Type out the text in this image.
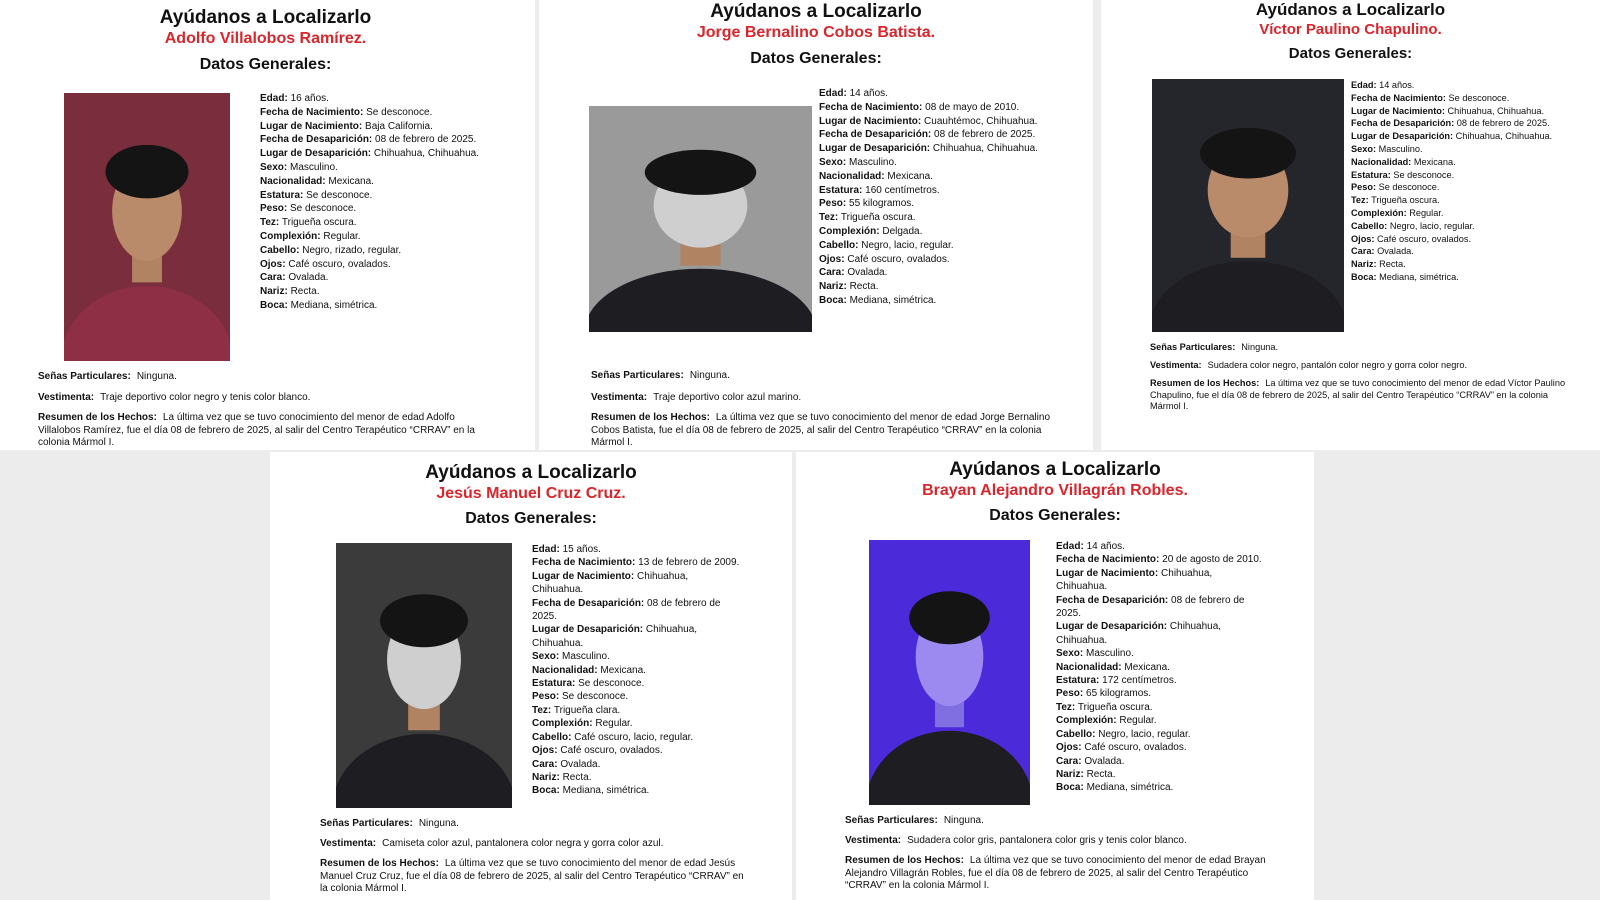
Ayúdanos a Localizarlo
Adolfo Villalobos Ramírez.
Datos Generales:
Edad: 16 años.
Fecha de Nacimiento: Se desconoce.
Lugar de Nacimiento: Baja California.
Fecha de Desaparición: 08 de febrero de 2025.
Lugar de Desaparición: Chihuahua, Chihuahua.
Sexo: Masculino.
Nacionalidad: Mexicana.
Estatura: Se desconoce.
Peso: Se desconoce.
Tez: Trigueña oscura.
Complexión: Regular.
Cabello: Negro, rizado, regular.
Ojos: Café oscuro, ovalados.
Cara: Ovalada.
Nariz: Recta.
Boca: Mediana, simétrica.
Señas Particulares: Ninguna.
Vestimenta: Traje deportivo color negro y tenis color blanco.
Resumen de los Hechos: La última vez que se tuvo conocimiento del menor de edad Adolfo Villalobos Ramírez, fue el día 08 de febrero de 2025, al salir del Centro Terapéutico “CRRAV” en la colonia Mármol I.
Ayúdanos a Localizarlo
Jorge Bernalino Cobos Batista.
Datos Generales:
Edad: 14 años.
Fecha de Nacimiento: 08 de mayo de 2010.
Lugar de Nacimiento: Cuauhtémoc, Chihuahua.
Fecha de Desaparición: 08 de febrero de 2025.
Lugar de Desaparición: Chihuahua, Chihuahua.
Sexo: Masculino.
Nacionalidad: Mexicana.
Estatura: 160 centímetros.
Peso: 55 kilogramos.
Tez: Trigueña oscura.
Complexión: Delgada.
Cabello: Negro, lacio, regular.
Ojos: Café oscuro, ovalados.
Cara: Ovalada.
Nariz: Recta.
Boca: Mediana, simétrica.
Señas Particulares: Ninguna.
Vestimenta: Traje deportivo color azul marino.
Resumen de los Hechos: La última vez que se tuvo conocimiento del menor de edad Jorge Bernalino Cobos Batista, fue el día 08 de febrero de 2025, al salir del Centro Terapéutico “CRRAV” en la colonia Mármol I.
Ayúdanos a Localizarlo
Víctor Paulino Chapulino.
Datos Generales:
Edad: 14 años.
Fecha de Nacimiento: Se desconoce.
Lugar de Nacimiento: Chihuahua, Chihuahua.
Fecha de Desaparición: 08 de febrero de 2025.
Lugar de Desaparición: Chihuahua, Chihuahua.
Sexo: Masculino.
Nacionalidad: Mexicana.
Estatura: Se desconoce.
Peso: Se desconoce.
Tez: Trigueña oscura.
Complexión: Regular.
Cabello: Negro, lacio, regular.
Ojos: Café oscuro, ovalados.
Cara: Ovalada.
Nariz: Recta.
Boca: Mediana, simétrica.
Señas Particulares: Ninguna.
Vestimenta: Sudadera color negro, pantalón color negro y gorra color negro.
Resumen de los Hechos: La última vez que se tuvo conocimiento del menor de edad Víctor Paulino Chapulino, fue el día 08 de febrero de 2025, al salir del Centro Terapéutico “CRRAV” en la colonia Mármol I.
Ayúdanos a Localizarlo
Jesús Manuel Cruz Cruz.
Datos Generales:
Edad: 15 años.
Fecha de Nacimiento: 13 de febrero de 2009.
Lugar de Nacimiento: Chihuahua, Chihuahua.
Fecha de Desaparición: 08 de febrero de 2025.
Lugar de Desaparición: Chihuahua, Chihuahua.
Sexo: Masculino.
Nacionalidad: Mexicana.
Estatura: Se desconoce.
Peso: Se desconoce.
Tez: Trigueña clara.
Complexión: Regular.
Cabello: Café oscuro, lacio, regular.
Ojos: Café oscuro, ovalados.
Cara: Ovalada.
Nariz: Recta.
Boca: Mediana, simétrica.
Señas Particulares: Ninguna.
Vestimenta: Camiseta color azul, pantalonera color negra y gorra color azul.
Resumen de los Hechos: La última vez que se tuvo conocimiento del menor de edad Jesús Manuel Cruz Cruz, fue el día 08 de febrero de 2025, al salir del Centro Terapéutico “CRRAV” en la colonia Mármol I.
Ayúdanos a Localizarlo
Brayan Alejandro Villagrán Robles.
Datos Generales:
Edad: 14 años.
Fecha de Nacimiento: 20 de agosto de 2010.
Lugar de Nacimiento: Chihuahua, Chihuahua.
Fecha de Desaparición: 08 de febrero de 2025.
Lugar de Desaparición: Chihuahua, Chihuahua.
Sexo: Masculino.
Nacionalidad: Mexicana.
Estatura: 172 centímetros.
Peso: 65 kilogramos.
Tez: Trigueña oscura.
Complexión: Regular.
Cabello: Negro, lacio, regular.
Ojos: Café oscuro, ovalados.
Cara: Ovalada.
Nariz: Recta.
Boca: Mediana, simétrica.
Señas Particulares: Ninguna.
Vestimenta: Sudadera color gris, pantalonera color gris y tenis color blanco.
Resumen de los Hechos: La última vez que se tuvo conocimiento del menor de edad Brayan Alejandro Villagrán Robles, fue el día 08 de febrero de 2025, al salir del Centro Terapéutico “CRRAV” en la colonia Mármol I.
